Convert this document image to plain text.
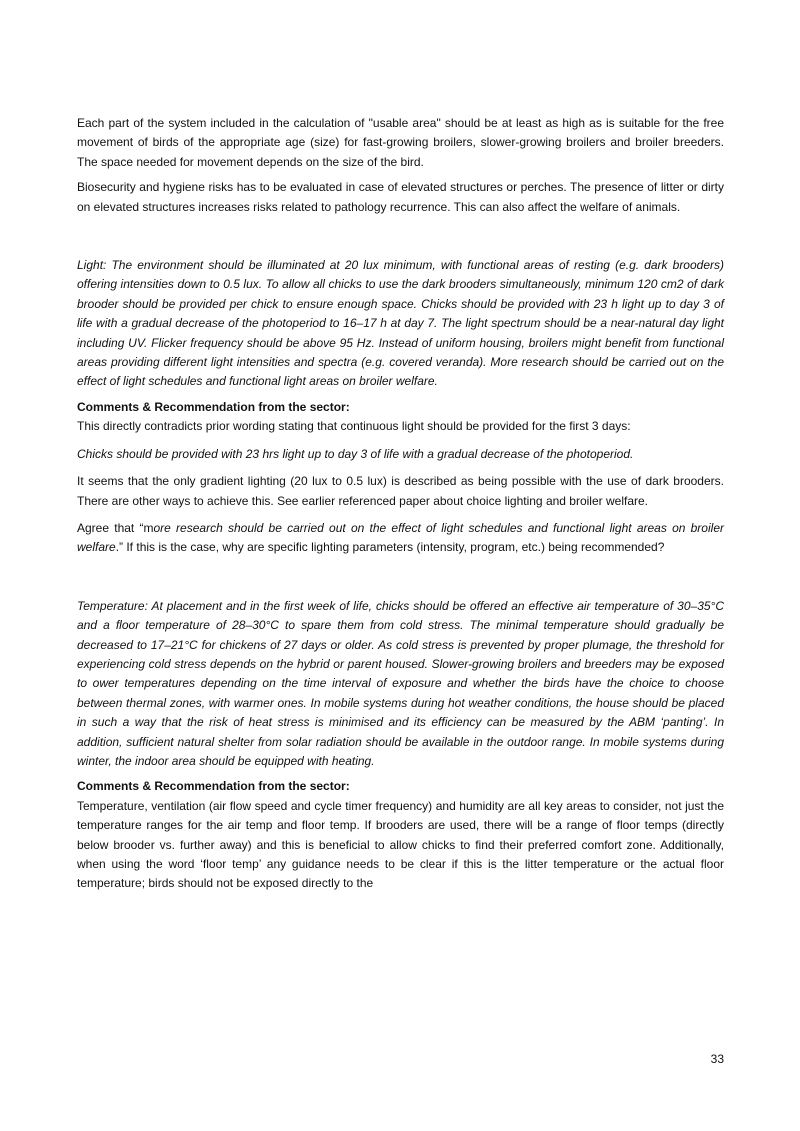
Each part of the system included in the calculation of "usable area" should be at least as high as is suitable for the free movement of birds of the appropriate age (size) for fast-growing broilers, slower-growing broilers and broiler breeders. The space needed for movement depends on the size of the bird.

Biosecurity and hygiene risks has to be evaluated in case of elevated structures or perches. The presence of litter or dirty on elevated structures increases risks related to pathology recurrence. This can also affect the welfare of animals.

Light: The environment should be illuminated at 20 lux minimum, with functional areas of resting (e.g. dark brooders) offering intensities down to 0.5 lux. To allow all chicks to use the dark brooders simultaneously, minimum 120 cm2 of dark brooder should be provided per chick to ensure enough space. Chicks should be provided with 23 h light up to day 3 of life with a gradual decrease of the photoperiod to 16–17 h at day 7. The light spectrum should be a near-natural day light including UV. Flicker frequency should be above 95 Hz. Instead of uniform housing, broilers might benefit from functional areas providing different light intensities and spectra (e.g. covered veranda). More research should be carried out on the effect of light schedules and functional light areas on broiler welfare.

Comments & Recommendation from the sector:

This directly contradicts prior wording stating that continuous light should be provided for the first 3 days:

Chicks should be provided with 23 hrs light up to day 3 of life with a gradual decrease of the photoperiod.

It seems that the only gradient lighting (20 lux to 0.5 lux) is described as being possible with the use of dark brooders. There are other ways to achieve this. See earlier referenced paper about choice lighting and broiler welfare.

Agree that “more research should be carried out on the effect of light schedules and functional light areas on broiler welfare.” If this is the case, why are specific lighting parameters (intensity, program, etc.) being recommended?

Temperature: At placement and in the first week of life, chicks should be offered an effective air temperature of 30–35°C and a floor temperature of 28–30°C to spare them from cold stress. The minimal temperature should gradually be decreased to 17–21°C for chickens of 27 days or older. As cold stress is prevented by proper plumage, the threshold for experiencing cold stress depends on the hybrid or parent housed. Slower-growing broilers and breeders may be exposed to ower temperatures depending on the time interval of exposure and whether the birds have the choice to choose between thermal zones, with warmer ones. In mobile systems during hot weather conditions, the house should be placed in such a way that the risk of heat stress is minimised and its efficiency can be measured by the ABM ‘panting’. In addition, sufficient natural shelter from solar radiation should be available in the outdoor range. In mobile systems during winter, the indoor area should be equipped with heating.

Comments & Recommendation from the sector:

Temperature, ventilation (air flow speed and cycle timer frequency) and humidity are all key areas to consider, not just the temperature ranges for the air temp and floor temp. If brooders are used, there will be a range of floor temps (directly below brooder vs. further away) and this is beneficial to allow chicks to find their preferred comfort zone. Additionally, when using the word ‘floor temp’ any guidance needs to be clear if this is the litter temperature or the actual floor temperature; birds should not be exposed directly to the

33
